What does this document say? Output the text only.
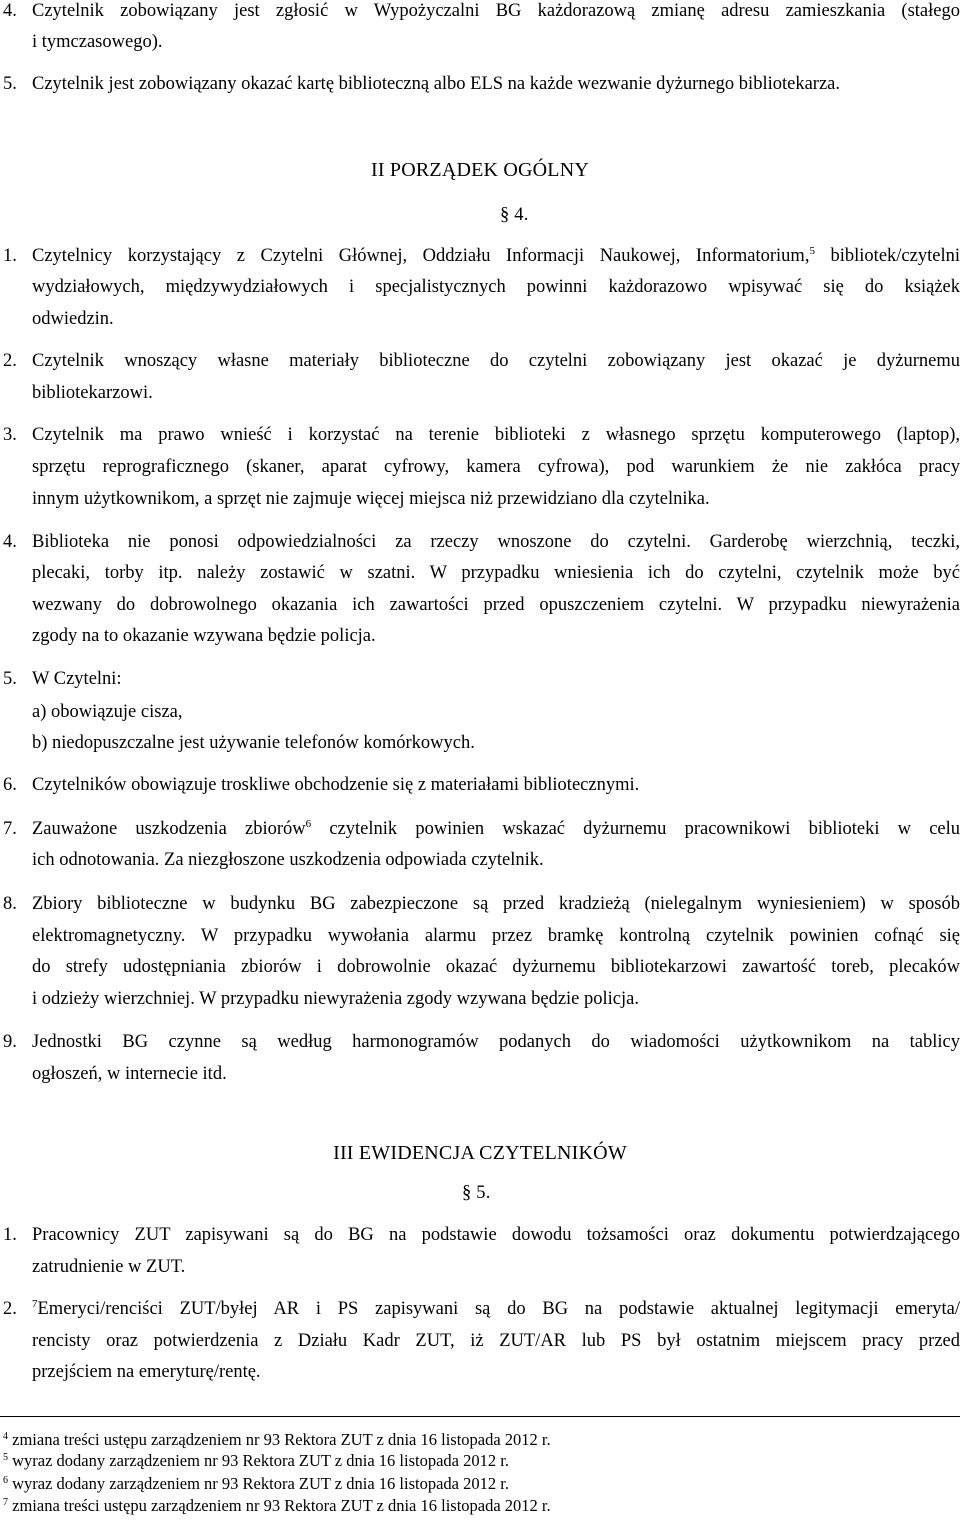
4. Czytelnik zobowiązany jest zgłosić w Wypożyczalni BG każdorazową zmianę adresu zamieszkania (stałego
i tymczasowego).
5. Czytelnik jest zobowiązany okazać kartę biblioteczną albo ELS na każde wezwanie dyżurnego bibliotekarza.
II PORZĄDEK OGÓLNY
§ 4.
1. Czytelnicy korzystający z Czytelni Głównej, Oddziału Informacji Naukowej, Informatorium,$^5$ bibliotek/czytelni
wydziałowych, międzywydziałowych i specjalistycznych powinni każdorazowo wpisywać się do książek
odwiedzin.
2. Czytelnik wnoszący własne materiały biblioteczne do czytelni zobowiązany jest okazać je dyżurnemu
bibliotekarzowi.
3. Czytelnik ma prawo wnieść i korzystać na terenie biblioteki z własnego sprzętu komputerowego (laptop),
sprzętu reprograficznego (skaner, aparat cyfrowy, kamera cyfrowa), pod warunkiem że nie zakłóca pracy
innym użytkownikom, a sprzęt nie zajmuje więcej miejsca niż przewidziano dla czytelnika.
4. Biblioteka nie ponosi odpowiedzialności za rzeczy wnoszone do czytelni. Garderobę wierzchnią, teczki,
plecaki, torby itp. należy zostawić w szatni. W przypadku wniesienia ich do czytelni, czytelnik może być
wezwany do dobrowolnego okazania ich zawartości przed opuszczeniem czytelni. W przypadku niewyrażenia
zgody na to okazanie wzywana będzie policja.
5. W Czytelni:
a) obowiązuje cisza,
b) niedopuszczalne jest używanie telefonów komórkowych.
6. Czytelników obowiązuje troskliwe obchodzenie się z materiałami bibliotecznymi.
7. Zauważone uszkodzenia zbiorów$^6$ czytelnik powinien wskazać dyżurnemu pracownikowi biblioteki w celu
ich odnotowania. Za niezgłoszone uszkodzenia odpowiada czytelnik.
8. Zbiory biblioteczne w budynku BG zabezpieczone są przed kradzieżą (nielegalnym wyniesieniem) w sposób
elektromagnetyczny. W przypadku wywołania alarmu przez bramkę kontrolną czytelnik powinien cofnąć się
do strefy udostępniania zbiorów i dobrowolnie okazać dyżurnemu bibliotekarzowi zawartość toreb, plecaków
i odzieży wierzchniej. W przypadku niewyrażenia zgody wzywana będzie policja.
9. Jednostki BG czynne są według harmonogramów podanych do wiadomości użytkownikom na tablicy
ogłoszeń, w internecie itd.
III EWIDENCJA CZYTELNIKÓW
§ 5.
1. Pracownicy ZUT zapisywani są do BG na podstawie dowodu tożsamości oraz dokumentu potwierdzającego
zatrudnienie w ZUT.
2. $^7$Emeryci/renciści ZUT/byłej AR i PS zapisywani są do BG na podstawie aktualnej legitymacji emeryta/
rencisty oraz potwierdzenia z Działu Kadr ZUT, iż ZUT/AR lub PS był ostatnim miejscem pracy przed
przejściem na emeryturę/rentę.
$^4$ zmiana treści ustępu zarządzeniem nr 93 Rektora ZUT z dnia 16 listopada 2012 r.
$^5$ wyraz dodany zarządzeniem nr 93 Rektora ZUT z dnia 16 listopada 2012 r.
$^6$ wyraz dodany zarządzeniem nr 93 Rektora ZUT z dnia 16 listopada 2012 r.
$^7$ zmiana treści ustępu zarządzeniem nr 93 Rektora ZUT z dnia 16 listopada 2012 r.
